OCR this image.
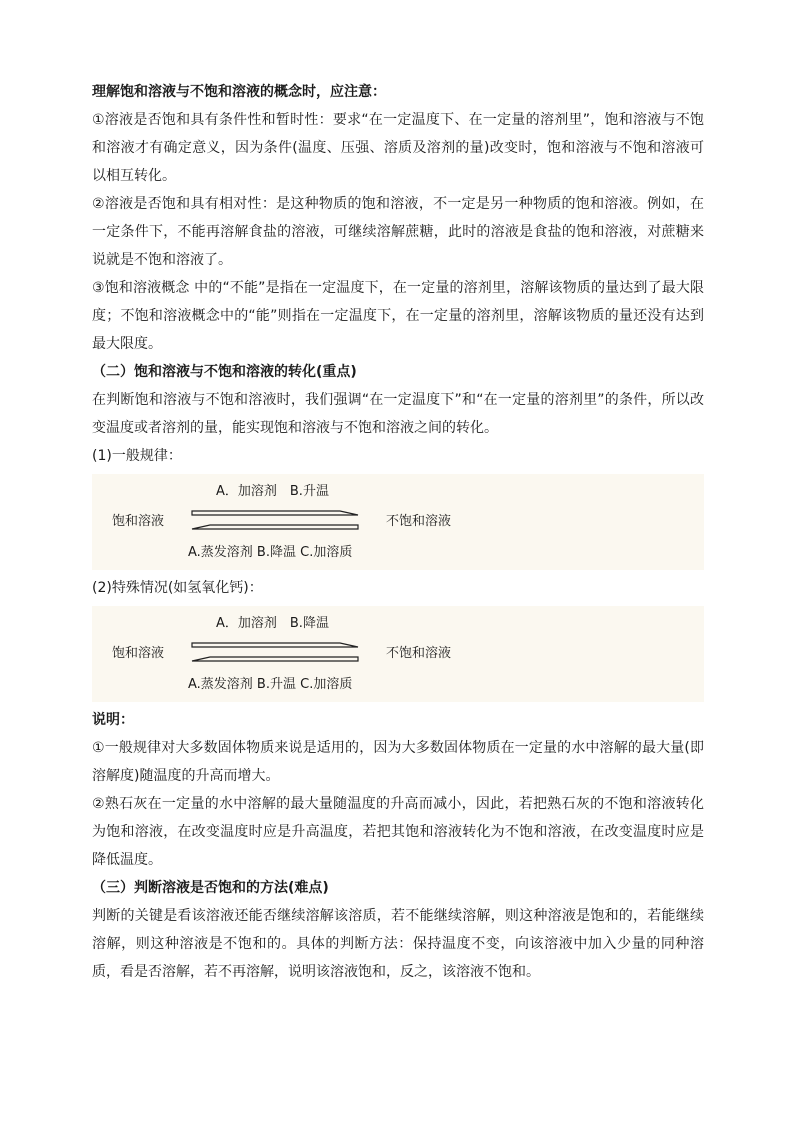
理解饱和溶液与不饱和溶液的概念时，应注意：

①溶液是否饱和具有条件性和暂时性：要求“在一定温度下、在一定量的溶剂里”，饱和溶液与不饱和溶液才有确定意义，因为条件(温度、压强、溶质及溶剂的量)改变时，饱和溶液与不饱和溶液可以相互转化。

②溶液是否饱和具有相对性：是这种物质的饱和溶液，不一定是另一种物质的饱和溶液。例如，在一定条件下，不能再溶解食盐的溶液，可继续溶解蔗糖，此时的溶液是食盐的饱和溶液，对蔗糖来说就是不饱和溶液了。

③饱和溶液概念 中的“不能”是指在一定温度下，在一定量的溶剂里，溶解该物质的量达到了最大限度；不饱和溶液概念中的“能”则指在一定温度下，在一定量的溶剂里，溶解该物质的量还没有达到最大限度。

（二）饱和溶液与不饱和溶液的转化(重点)

在判断饱和溶液与不饱和溶液时，我们强调“在一定温度下”和“在一定量的溶剂里”的条件，所以改变温度或者溶剂的量，能实现饱和溶液与不饱和溶液之间的转化。

(1)一般规律：

A．加溶剂　B.升温
饱和溶液	不饱和溶液
A.蒸发溶剂 B.降温 C.加溶质

(2)特殊情况(如氢氧化钙)：

A．加溶剂　B.降温
饱和溶液	不饱和溶液
A.蒸发溶剂 B.升温 C.加溶质

说明：

①一般规律对大多数固体物质来说是适用的，因为大多数固体物质在一定量的水中溶解的最大量(即溶解度)随温度的升高而增大。

②熟石灰在一定量的水中溶解的最大量随温度的升高而减小，因此，若把熟石灰的不饱和溶液转化为饱和溶液，在改变温度时应是升高温度，若把其饱和溶液转化为不饱和溶液，在改变温度时应是降低温度。

（三）判断溶液是否饱和的方法(难点)

判断的关键是看该溶液还能否继续溶解该溶质，若不能继续溶解，则这种溶液是饱和的，若能继续溶解，则这种溶液是不饱和的。具体的判断方法：保持温度不变，向该溶液中加入少量的同种溶质，看是否溶解，若不再溶解，说明该溶液饱和，反之，该溶液不饱和。
